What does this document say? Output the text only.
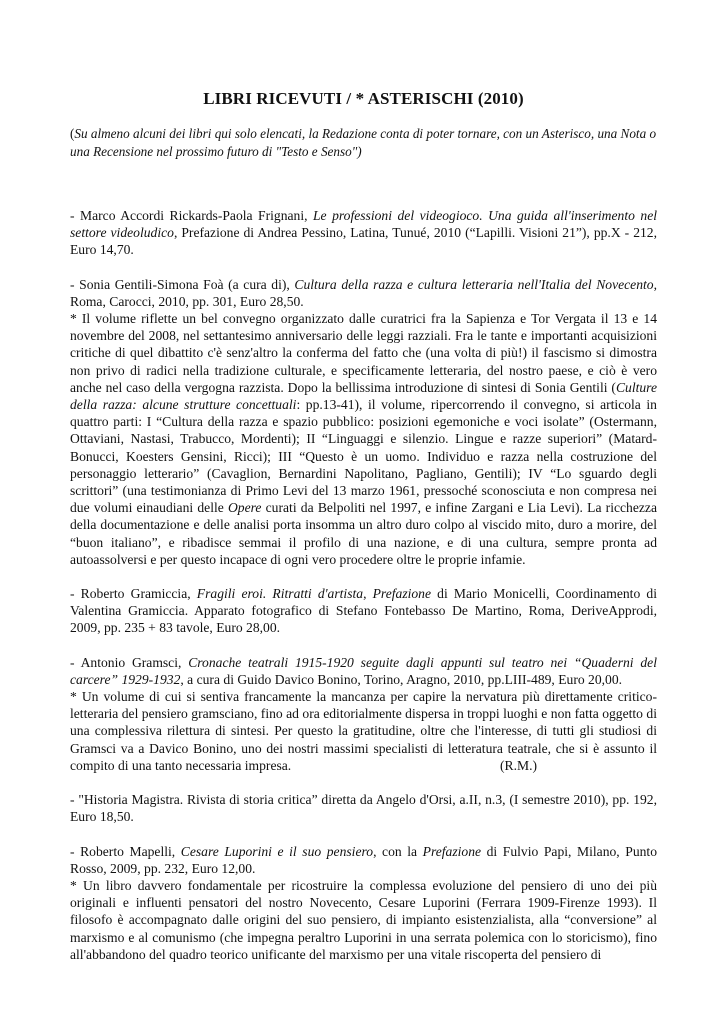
LIBRI RICEVUTI / * ASTERISCHI (2010)
(Su almeno alcuni dei libri qui solo elencati, la Redazione conta di poter tornare, con un Asterisco, una Nota o una Recensione nel prossimo futuro di "Testo e Senso")

- Marco Accordi Rickards-Paola Frignani, Le professioni del videogioco. Una guida all'inserimento nel settore videoludico, Prefazione di Andrea Pessino, Latina, Tunué, 2010 (“Lapilli. Visioni 21”), pp.X - 212, Euro 14,70.

- Sonia Gentili-Simona Foà (a cura di), Cultura della razza e cultura letteraria nell'Italia del Novecento, Roma, Carocci, 2010, pp. 301, Euro 28,50.

* Il volume riflette un bel convegno organizzato dalle curatrici fra la Sapienza e Tor Vergata il 13 e 14 novembre del 2008, nel settantesimo anniversario delle leggi razziali. Fra le tante e importanti acquisizioni critiche di quel dibattito c'è senz'altro la conferma del fatto che (una volta di più!) il fascismo si dimostra non privo di radici nella tradizione culturale, e specificamente letteraria, del nostro paese, e ciò è vero anche nel caso della vergogna razzista. Dopo la bellissima introduzione di sintesi di Sonia Gentili (Culture della razza: alcune strutture concettuali: pp.13-41), il volume, ripercorrendo il convegno, si articola in quattro parti: I “Cultura della razza e spazio pubblico: posizioni egemoniche e voci isolate” (Ostermann, Ottaviani, Nastasi, Trabucco, Mordenti); II “Linguaggi e silenzio. Lingue e razze superiori” (Matard-Bonucci, Koesters Gensini, Ricci); III “Questo è un uomo. Individuo e razza nella costruzione del personaggio letterario” (Cavaglion, Bernardini Napolitano, Pagliano, Gentili); IV “Lo sguardo degli scrittori” (una testimonianza di Primo Levi del 13 marzo 1961, pressoché sconosciuta e non compresa nei due volumi einaudiani delle Opere curati da Belpoliti nel 1997, e infine Zargani e Lia Levi). La ricchezza della documentazione e delle analisi porta insomma un altro duro colpo al viscido mito, duro a morire, del “buon italiano”, e ribadisce semmai il profilo di una nazione, e di una cultura, sempre pronta ad autoassolversi e per questo incapace di ogni vero procedere oltre le proprie infamie.

- Roberto Gramiccia, Fragili eroi. Ritratti d'artista, Prefazione di Mario Monicelli, Coordinamento di Valentina Gramiccia. Apparato fotografico di Stefano Fontebasso De Martino, Roma, DeriveApprodi, 2009, pp. 235 + 83 tavole, Euro 28,00.

- Antonio Gramsci, Cronache teatrali 1915-1920 seguite dagli appunti sul teatro nei “Quaderni del carcere” 1929-1932, a cura di Guido Davico Bonino, Torino, Aragno, 2010, pp.LIII-489, Euro 20,00.

* Un volume di cui si sentiva francamente la mancanza per capire la nervatura più direttamente critico-letteraria del pensiero gramsciano, fino ad ora editorialmente dispersa in troppi luoghi e non fatta oggetto di una complessiva rilettura di sintesi. Per questo la gratitudine, oltre che l'interesse, di tutti gli studiosi di Gramsci va a Davico Bonino, uno dei nostri massimi specialisti di letteratura teatrale, che si è assunto il compito di una tanto necessaria impresa.	(R.M.)

- "Historia Magistra. Rivista di storia critica” diretta da Angelo d'Orsi, a.II, n.3, (I semestre 2010), pp. 192, Euro 18,50.

- Roberto Mapelli, Cesare Luporini e il suo pensiero, con la Prefazione di Fulvio Papi, Milano, Punto Rosso, 2009, pp. 232, Euro 12,00.

* Un libro davvero fondamentale per ricostruire la complessa evoluzione del pensiero di uno dei più originali e influenti pensatori del nostro Novecento, Cesare Luporini (Ferrara 1909-Firenze 1993). Il filosofo è accompagnato dalle origini del suo pensiero, di impianto esistenzialista, alla “conversione” al marxismo e al comunismo (che impegna peraltro Luporini in una serrata polemica con lo storicismo), fino all'abbandono del quadro teorico unificante del marxismo per una vitale riscoperta del pensiero di
